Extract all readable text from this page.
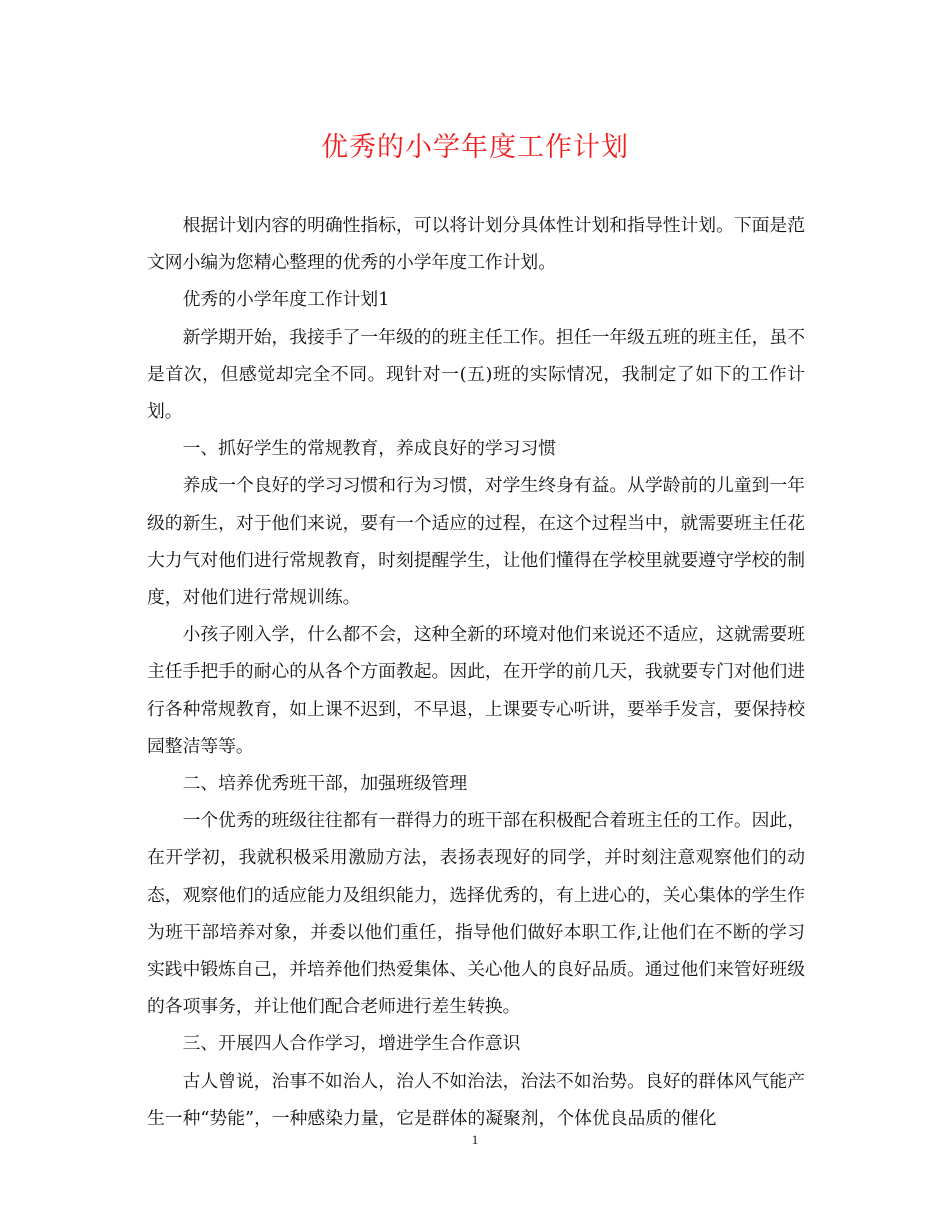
优秀的小学年度工作计划

根据计划内容的明确性指标，可以将计划分具体性计划和指导性计划。下面是范文网小编为您精心整理的优秀的小学年度工作计划。

优秀的小学年度工作计划1

新学期开始，我接手了一年级的的班主任工作。担任一年级五班的班主任，虽不是首次，但感觉却完全不同。现针对一(五)班的实际情况，我制定了如下的工作计划。

一、抓好学生的常规教育，养成良好的学习习惯

养成一个良好的学习习惯和行为习惯，对学生终身有益。从学龄前的儿童到一年级的新生，对于他们来说，要有一个适应的过程，在这个过程当中，就需要班主任花大力气对他们进行常规教育，时刻提醒学生，让他们懂得在学校里就要遵守学校的制度，对他们进行常规训练。

小孩子刚入学，什么都不会，这种全新的环境对他们来说还不适应，这就需要班主任手把手的耐心的从各个方面教起。因此，在开学的前几天，我就要专门对他们进行各种常规教育，如上课不迟到，不早退，上课要专心听讲，要举手发言，要保持校园整洁等等。

二、培养优秀班干部，加强班级管理

一个优秀的班级往往都有一群得力的班干部在积极配合着班主任的工作。因此，在开学初，我就积极采用激励方法，表扬表现好的同学，并时刻注意观察他们的动态，观察他们的适应能力及组织能力，选择优秀的，有上进心的，关心集体的学生作为班干部培养对象，并委以他们重任，指导他们做好本职工作,让他们在不断的学习实践中锻炼自己，并培养他们热爱集体、关心他人的良好品质。通过他们来管好班级的各项事务，并让他们配合老师进行差生转换。

三、开展四人合作学习，增进学生合作意识

古人曾说，治事不如治人，治人不如治法，治法不如治势。良好的群体风气能产生一种“势能”，一种感染力量，它是群体的凝聚剂，个体优良品质的催化

1
